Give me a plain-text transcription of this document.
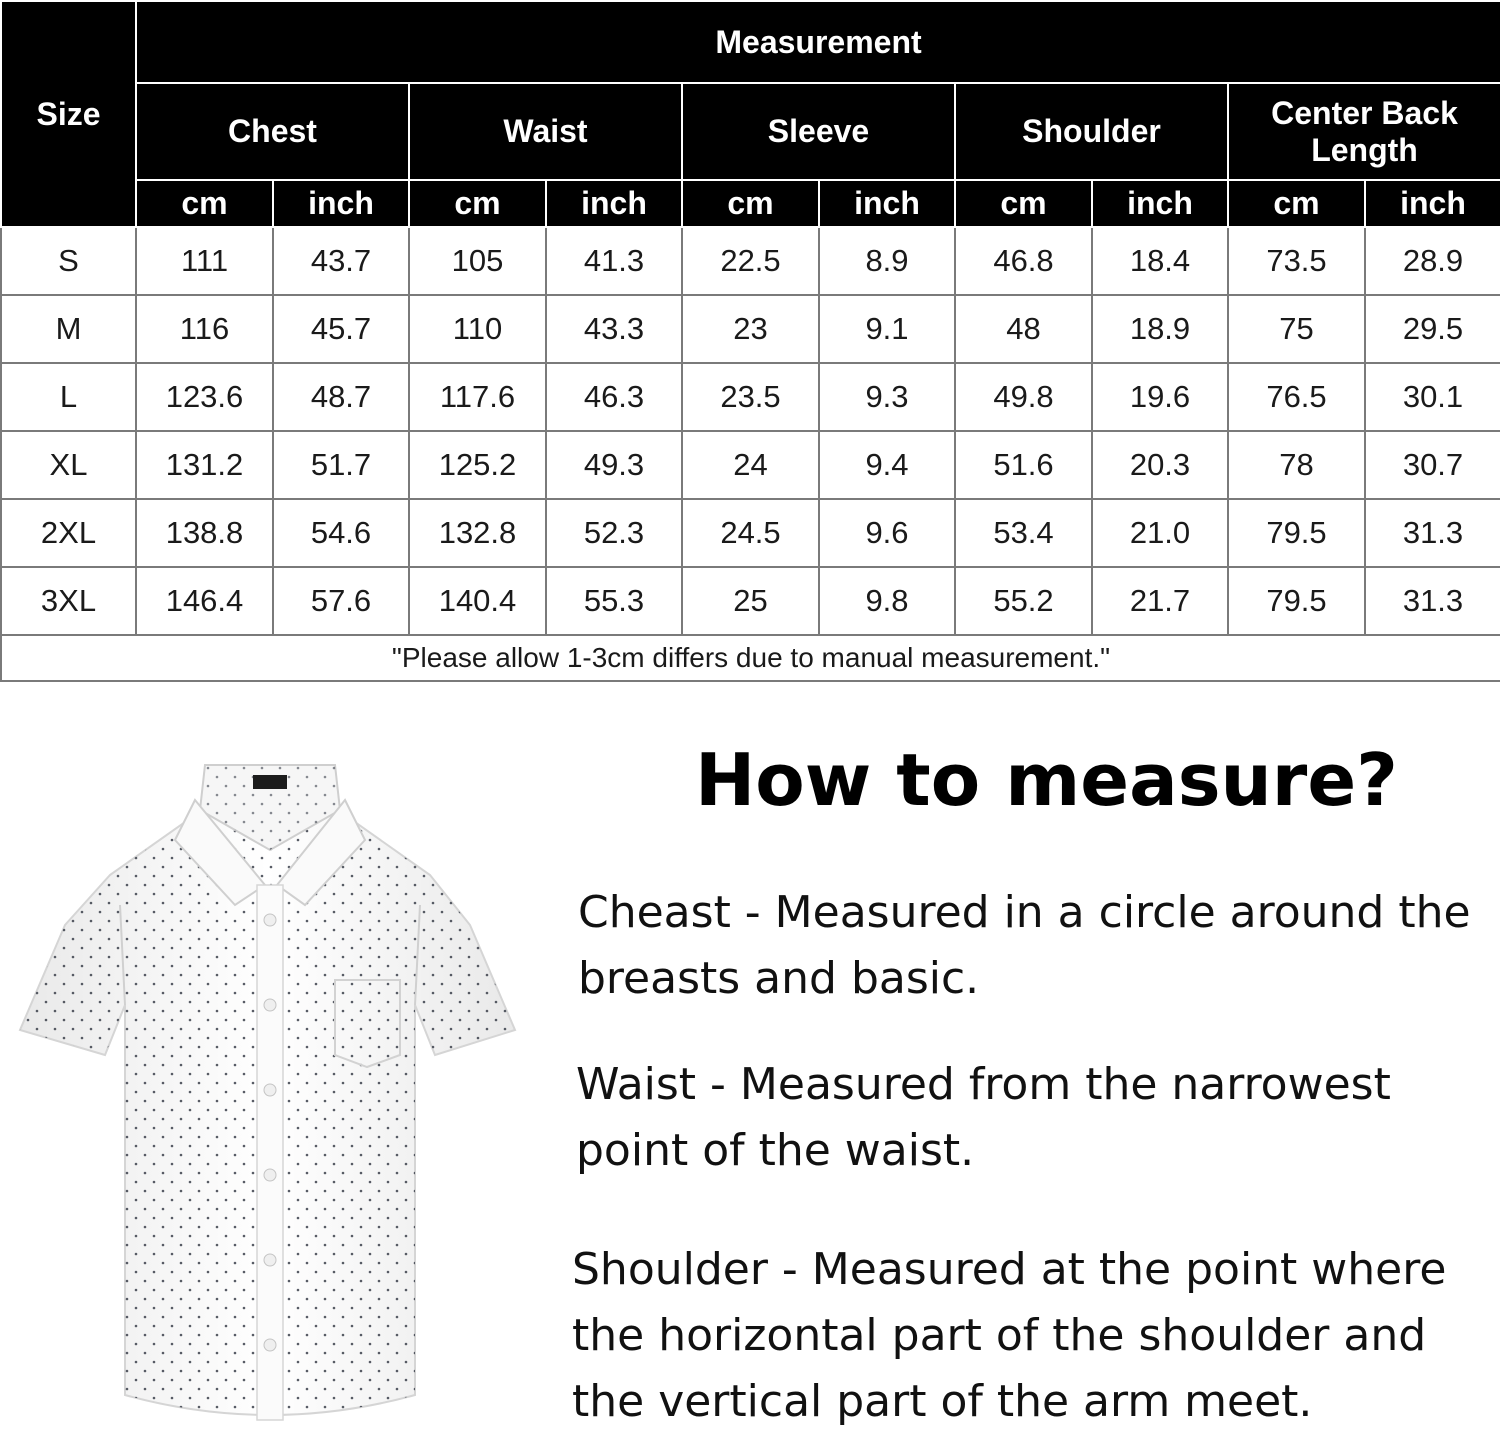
Size	Measurement									
	Chest		Waist		Sleeve		Shoulder		Center Back Length	
	cm	inch	cm	inch	cm	inch	cm	inch	cm	inch
S	111	43.7	105	41.3	22.5	8.9	46.8	18.4	73.5	28.9
M	116	45.7	110	43.3	23	9.1	48	18.9	75	29.5
L	123.6	48.7	117.6	46.3	23.5	9.3	49.8	19.6	76.5	30.1
XL	131.2	51.7	125.2	49.3	24	9.4	51.6	20.3	78	30.7
2XL	138.8	54.6	132.8	52.3	24.5	9.6	53.4	21.0	79.5	31.3
3XL	146.4	57.6	140.4	55.3	25	9.8	55.2	21.7	79.5	31.3
"Please allow 1-3cm differs due to manual measurement."										
How to measure?

Cheast - Measured in a circle around the breasts and basic.

Waist - Measured from the narrowest point of the waist.

Shoulder - Measured at the point where the horizontal part of the shoulder and the vertical part of the arm meet.
